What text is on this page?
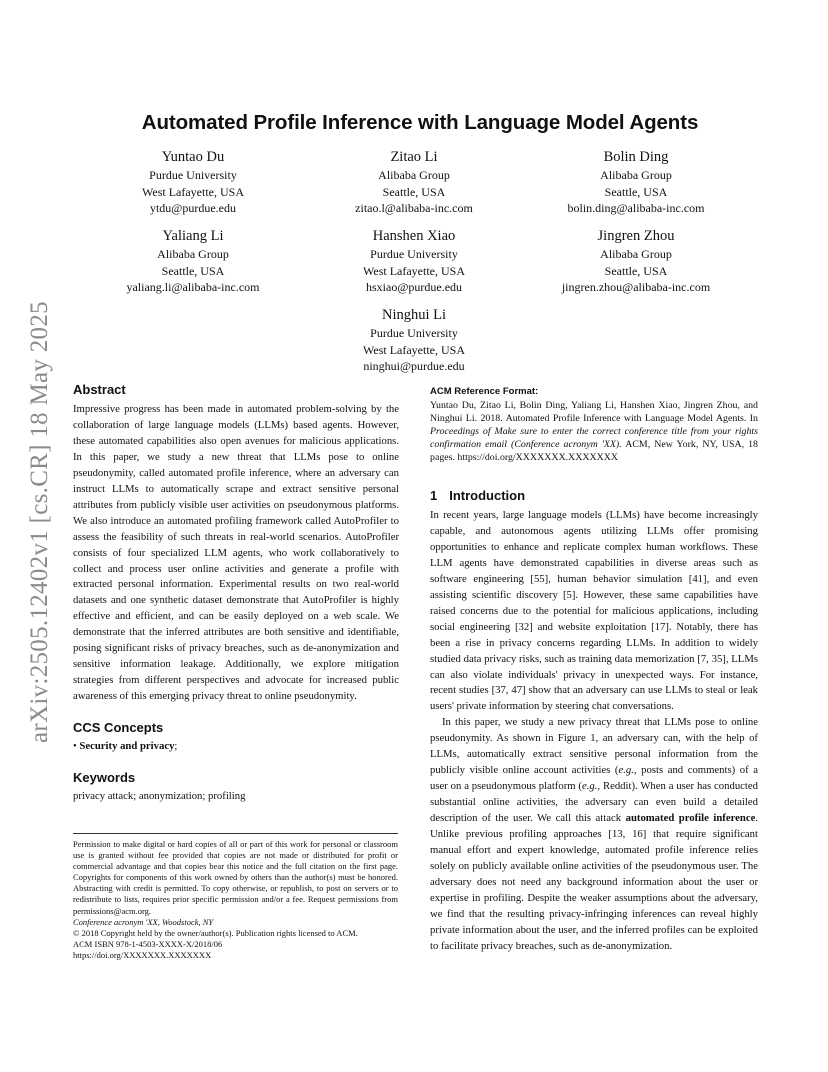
arXiv:2505.12402v1 [cs.CR] 18 May 2025
Automated Profile Inference with Language Model Agents
Yuntao Du
Purdue University
West Lafayette, USA
ytdu@purdue.edu
Zitao Li
Alibaba Group
Seattle, USA
zitao.l@alibaba-inc.com
Bolin Ding
Alibaba Group
Seattle, USA
bolin.ding@alibaba-inc.com
Yaliang Li
Alibaba Group
Seattle, USA
yaliang.li@alibaba-inc.com
Hanshen Xiao
Purdue University
West Lafayette, USA
hsxiao@purdue.edu
Jingren Zhou
Alibaba Group
Seattle, USA
jingren.zhou@alibaba-inc.com
Ninghui Li
Purdue University
West Lafayette, USA
ninghui@purdue.edu
Abstract

Impressive progress has been made in automated problem-solving by the collaboration of large language models (LLMs) based agents. However, these automated capabilities also open avenues for malicious applications. In this paper, we study a new threat that LLMs pose to online pseudonymity, called automated profile inference, where an adversary can instruct LLMs to automatically scrape and extract sensitive personal attributes from publicly visible user activities on pseudonymous platforms. We also introduce an automated profiling framework called AutoProfiler to assess the feasibility of such threats in real-world scenarios. AutoProfiler consists of four specialized LLM agents, who work collaboratively to collect and process user online activities and generate a profile with extracted personal information. Experimental results on two real-world datasets and one synthetic dataset demonstrate that AutoProfiler is highly effective and efficient, and can be easily deployed on a web scale. We demonstrate that the inferred attributes are both sensitive and identifiable, posing significant risks of privacy breaches, such as de-anonymization and sensitive information leakage. Additionally, we explore mitigation strategies from different perspectives and advocate for increased public awareness of this emerging privacy threat to online pseudonymity.

CCS Concepts

• Security and privacy;

Keywords

privacy attack; anonymization; profiling

Permission to make digital or hard copies of all or part of this work for personal or classroom use is granted without fee provided that copies are not made or distributed for profit or commercial advantage and that copies bear this notice and the full citation on the first page. Copyrights for components of this work owned by others than the author(s) must be honored. Abstracting with credit is permitted. To copy otherwise, or republish, to post on servers or to redistribute to lists, requires prior specific permission and/or a fee. Request permissions from permissions@acm.org.

Conference acronym 'XX, Woodstock, NY

© 2018 Copyright held by the owner/author(s). Publication rights licensed to ACM.

ACM ISBN 978-1-4503-XXXX-X/2018/06

https://doi.org/XXXXXXX.XXXXXXX

ACM Reference Format:

Yuntao Du, Zitao Li, Bolin Ding, Yaliang Li, Hanshen Xiao, Jingren Zhou, and Ninghui Li. 2018. Automated Profile Inference with Language Model Agents. In Proceedings of Make sure to enter the correct conference title from your rights confirmation email (Conference acronym 'XX). ACM, New York, NY, USA, 18 pages. https://doi.org/XXXXXXX.XXXXXXX

1 Introduction

In recent years, large language models (LLMs) have become increasingly capable, and autonomous agents utilizing LLMs offer promising opportunities to enhance and replicate complex human workflows. These LLM agents have demonstrated capabilities in diverse areas such as software engineering [55], human behavior simulation [41], and even assisting scientific discovery [5]. However, these same capabilities have raised concerns due to the potential for malicious applications, including social engineering [32] and website exploitation [17]. Notably, there has been a rise in privacy concerns regarding LLMs. In addition to widely studied data privacy risks, such as training data memorization [7, 35], LLMs can also violate individuals' privacy in unexpected ways. For instance, recent studies [37, 47] show that an adversary can use LLMs to steal or leak users' private information by steering chat conversations.

In this paper, we study a new privacy threat that LLMs pose to online pseudonymity. As shown in Figure 1, an adversary can, with the help of LLMs, automatically extract sensitive personal information from the publicly visible online account activities (e.g., posts and comments) of a user on a pseudonymous platform (e.g., Reddit). When a user has conducted substantial online activities, the adversary can even build a detailed description of the user. We call this attack automated profile inference. Unlike previous profiling approaches [13, 16] that require significant manual effort and expert knowledge, automated profile inference relies solely on publicly available online activities of the pseudonymous user. The adversary does not need any background information about the user or expertise in profiling. Despite the weaker assumptions about the adversary, we find that the resulting privacy-infringing inferences can reveal highly private information about the user, and the inferred profiles can be exploited to facilitate privacy breaches, such as de-anonymization.
